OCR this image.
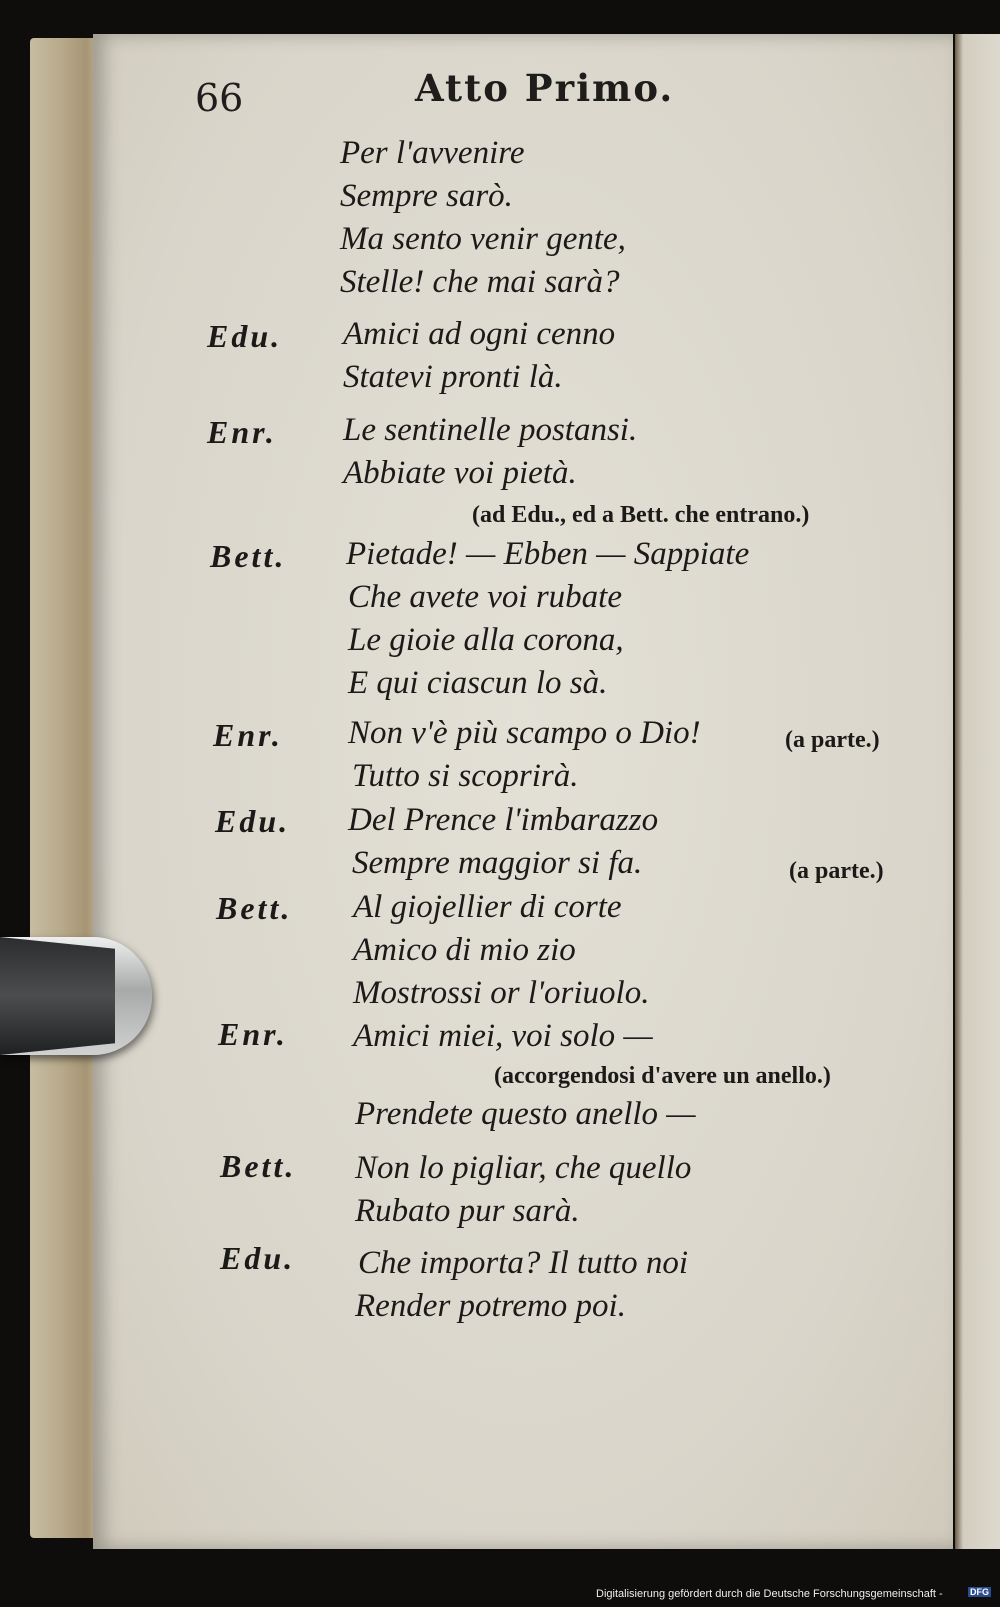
66	Atto Primo.
Per l'avvenire
Sempre sarò.
Ma sento venir gente,
Stelle! che mai sarà?
Amici ad ogni cenno
Statevi pronti là.
Le sentinelle postansi.
Abbiate voi pietà.
Pietade! — Ebben — Sappiate
Che avete voi rubate
Le gioie alla corona,
E qui ciascun lo sà.
Non v'è più scampo o Dio!
Tutto si scoprirà.
Del Prence l'imbarazzo
Sempre maggior si fa.
Al giojellier di corte
Amico di mio zio
Mostrossi or l'oriuolo.
Amici miei, voi solo —
Prendete questo anello —
Non lo pigliar, che quello
Rubato pur sarà.
Che importa? Il tutto noi
Render potremo poi.
Edu.
Enr.
Bett.
Enr.
Edu.
Bett.
Enr.
Bett.
Edu.
(ad Edu., ed a Bett. che entrano.)
(a parte.)
(a parte.)
(accorgendosi d'avere un anello.)
Digitalisierung gefördert durch die Deutsche Forschungsgemeinschaft -	DFG
